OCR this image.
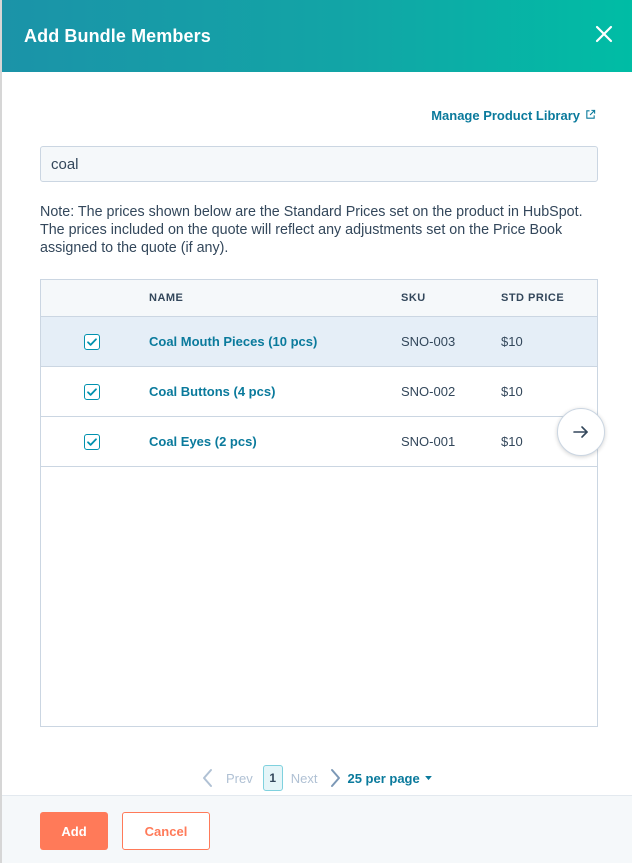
Add Bundle Members
Manage Product Library
coal
Note: The prices shown below are the Standard Prices set on the product in HubSpot. The prices included on the quote will reflect any adjustments set on the Price Book assigned to the quote (if any).
NAME	SKU	STD PRICE
Coal Mouth Pieces (10 pcs)	SNO-003	$10
Coal Buttons (4 pcs)	SNO-002	$10
Coal Eyes (2 pcs)	SNO-001	$10
Prev	1	Next 25 per page
Add	Cancel
